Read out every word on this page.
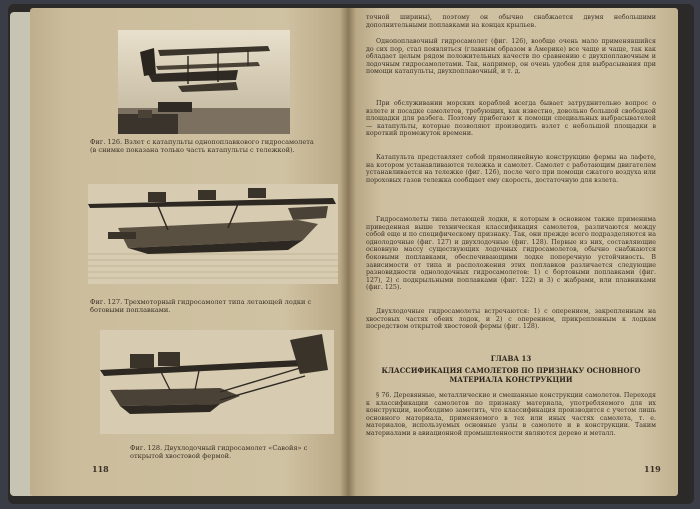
Фиг. 126. Взлет с катапульты однопоплавкового гидросамолета (в снимке показана только часть катапульты с тележкой).
Фиг. 127. Трехмоторный гидросамолет типа летающей лодки с ботовыми поплавками.
Фиг. 128. Двухлодочный гидросамолет «Савойя» с открытой хвостовой фермой.
118
точной ширины), поэтому он обычно снабжается двумя небольшими дополнительными поплавками на концах крыльев.
Однопоплавочный гидросамолет (фиг. 126), вообще очень мало применявшийся до сих пор, стал появляться (главным образом в Америке) все чаще и чаще, так как обладает целым рядом положительных качеств по сравнению с двухпоплавочным и лодочным гидросамолетами. Так, например, он очень удобен для выбрасывания при помощи катапульты, двухпоплавочный, и т. д.
При обслуживании морских кораблей всегда бывает затруднительно вопрос о взлете и посадке самолетов, требующих, как известно, довольно большой свободной площадки для разбега. Поэтому прибегают к помощи специальных выбрасывателей — катапульты, которые позволяют производить взлет с небольшой площадки в короткий промежуток времени.
Катапульта представляет собой прямолинейную конструкцию фермы на лафете, на котором устанавливаются тележка и самолет. Самолет с работающим двигателем устанавливается на тележке (фиг. 126), после чего при помощи сжатого воздуха или пороховых газов тележка сообщает ему скорость, достаточную для взлета.
Гидросамолеты типа летающей лодки, к которым в основном также применима приведенная выше техническая классификация самолетов, различаются между собой еще и по специфическому признаку. Так, они прежде всего подразделяются на однолодочные (фиг. 127) и двухлодочные (фиг. 128). Первые из них, составляющие основную массу существующих лодочных гидросамолетов, обычно снабжаются боковыми поплавками, обеспечивающими лодке поперечную устойчивость. В зависимости от типа и расположения этих поплавков различается следующие разновидности однолодочных гидросамолетов: 1) с бортовыми поплавками (фиг. 127), 2) с подкрыльными поплавками (фиг. 122) и 3) с жабрами, или плавниками (фиг. 125).
Двухлодочные гидросамолеты встречаются: 1) с оперением, закрепленным на хвостовых частях обеих лодок, и 2) с оперением, прикрепленным к лодкам посредством открытой хвостовой фермы (фиг. 128).
ГЛАВА 13
КЛАССИФИКАЦИЯ САМОЛЕТОВ ПО ПРИЗНАКУ ОСНОВНОГО МАТЕРИАЛА КОНСТРУКЦИИ
§ 76. Деревянные, металлические и смешанные конструкции самолетов. Переходя к классификации самолетов по признаку материала, употребляемого для их конструкции, необходимо заметить, что классификация производится с учетом лишь основного материала, применяемого в тех или иных частях самолета, т. е. материалов, используемых основные узлы в самолете и в конструкции. Таким материалами в авиационной промышленности являются дерево и металл.
119
